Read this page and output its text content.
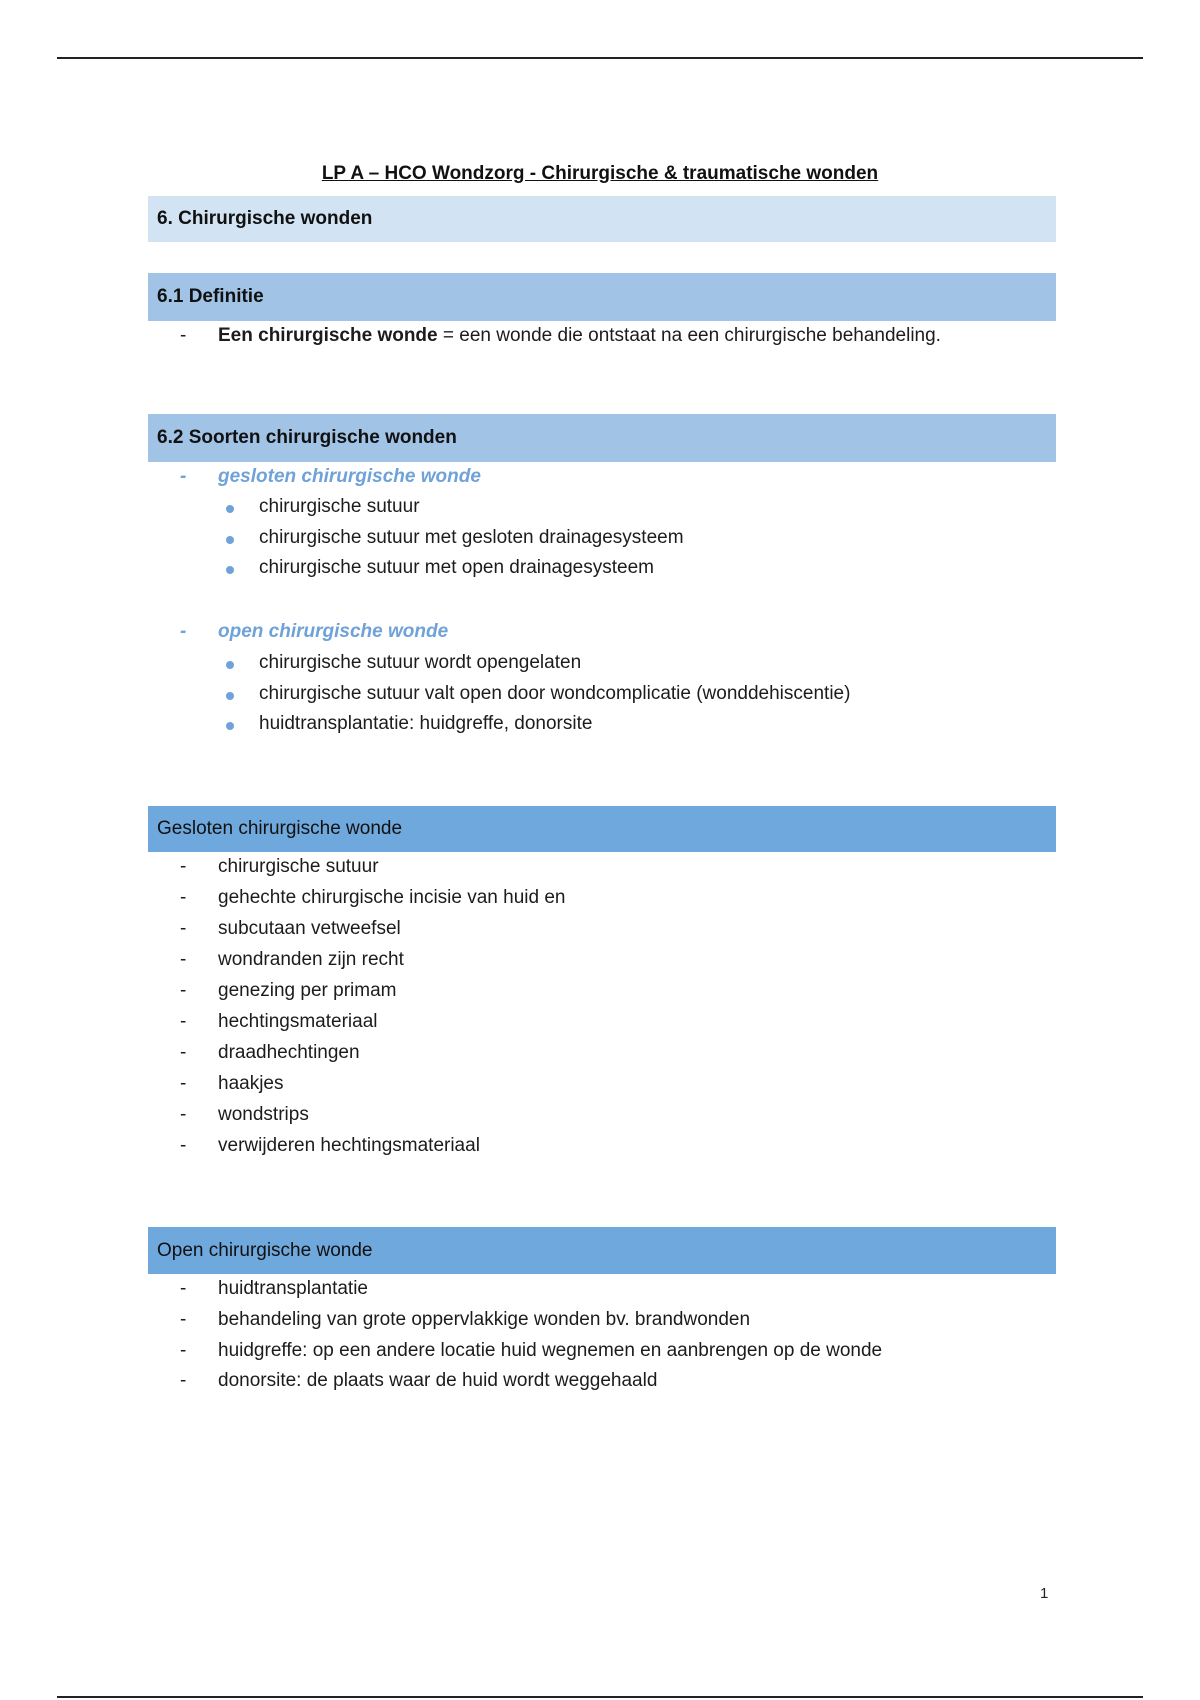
LP A – HCO Wondzorg - Chirurgische & traumatische wonden
6. Chirurgische wonden
6.1 Definitie
- Een chirurgische wonde = een wonde die ontstaat na een chirurgische behandeling.
6.2 Soorten chirurgische wonden
- gesloten chirurgische wonde
chirurgische sutuur
chirurgische sutuur met gesloten drainagesysteem
chirurgische sutuur met open drainagesysteem
- open chirurgische wonde
chirurgische sutuur wordt opengelaten
chirurgische sutuur valt open door wondcomplicatie (wonddehiscentie)
huidtransplantatie: huidgreffe, donorsite
Gesloten chirurgische wonde
- chirurgische sutuur
- gehechte chirurgische incisie van huid en
- subcutaan vetweefsel
- wondranden zijn recht
- genezing per primam
- hechtingsmateriaal
- draadhechtingen
- haakjes
- wondstrips
- verwijderen hechtingsmateriaal
Open chirurgische wonde
- huidtransplantatie
- behandeling van grote oppervlakkige wonden bv. brandwonden
- huidgreffe: op een andere locatie huid wegnemen en aanbrengen op de wonde
- donorsite: de plaats waar de huid wordt weggehaald
1
